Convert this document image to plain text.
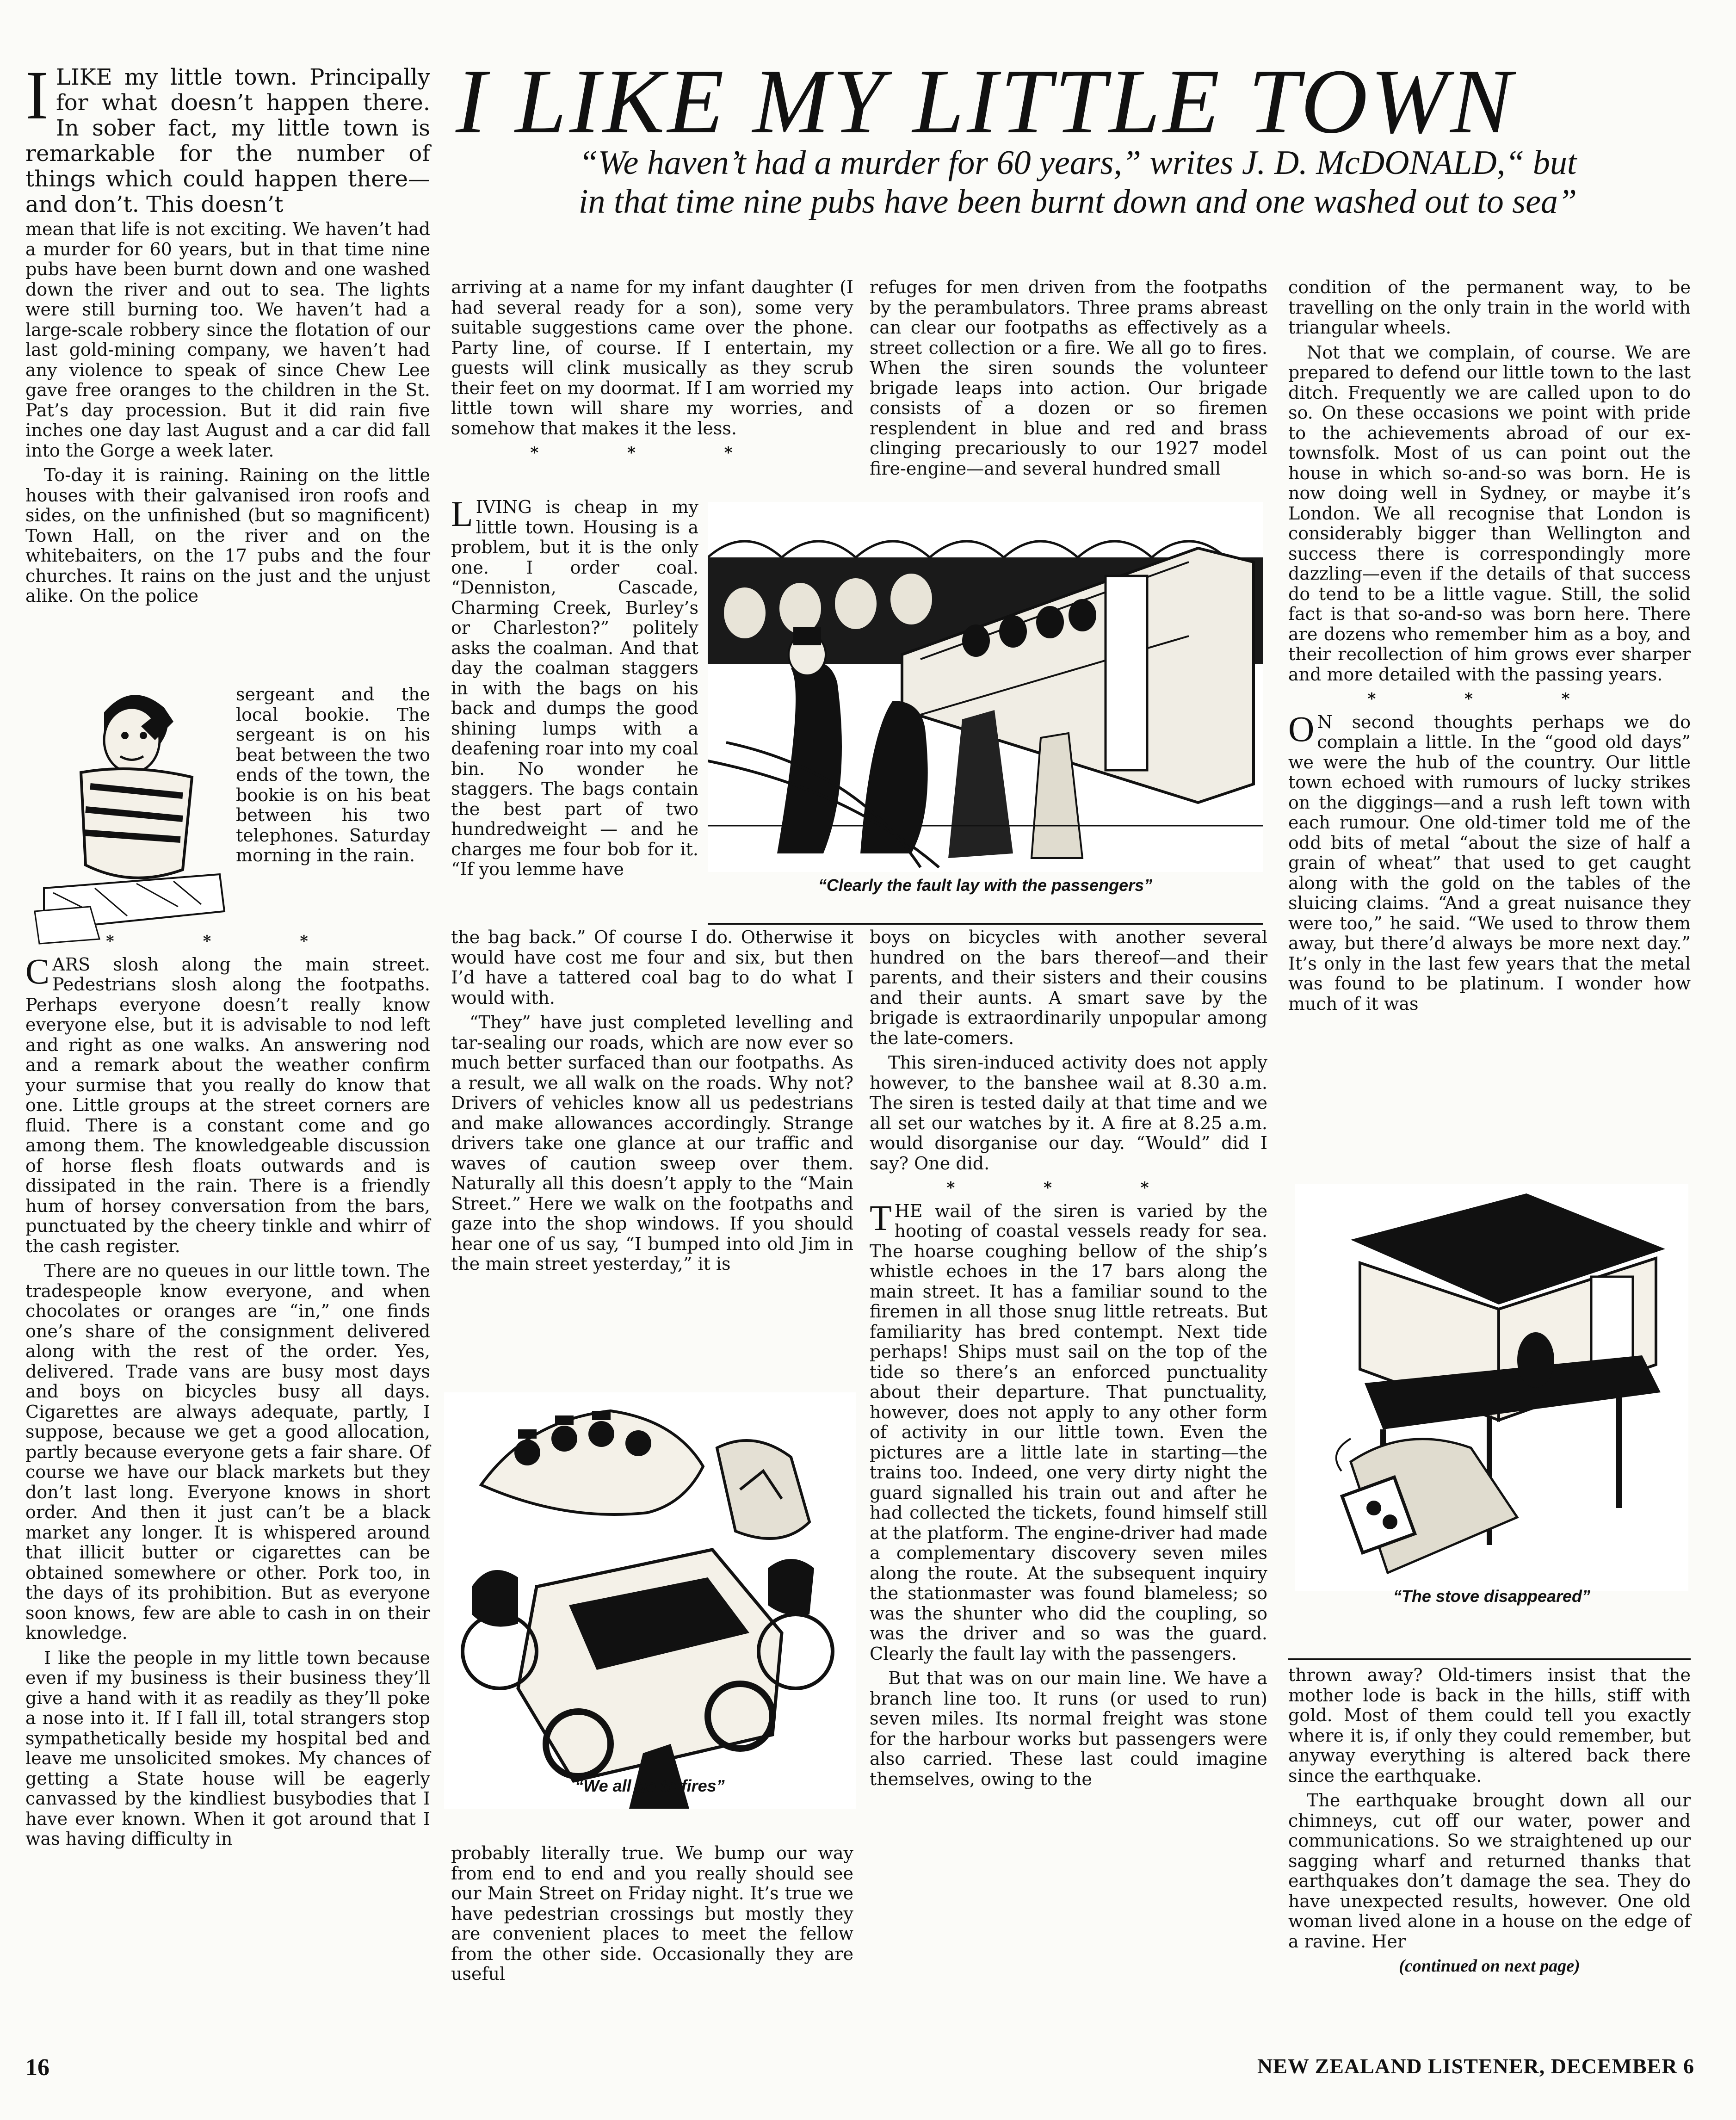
I LIKE MY LITTLE TOWN
“We haven’t had a murder for 60 years,” writes J. D. McDONALD,“ but in that time nine pubs have been burnt down and one washed out to sea”

ILIKE my little town. Principally for what doesn’t happen there. In sober fact, my little town is remarkable for the number of things which could happen there—and don’t. This doesn’t

mean that life is not exciting. We haven’t had a murder for 60 years, but in that time nine pubs have been burnt down and one washed down the river and out to sea. The lights were still burning too. We haven’t had a large-scale robbery since the flotation of our last gold-mining company, we haven’t had any violence to speak of since Chew Lee gave free oranges to the children in the St. Pat’s day procession. But it did rain five inches one day last August and a car did fall into the Gorge a week later.

To-day it is raining. Raining on the little houses with their galvanised iron roofs and sides, on the unfinished (but so magnificent) Town Hall, on the river and on the whitebaiters, on the 17 pubs and the four churches. It rains on the just and the unjust alike. On the police

sergeant and the local bookie. The sergeant is on his beat between the two ends of the town, the bookie is on his beat between his two telephones. Saturday morning in the rain.

* * *

CARS slosh along the main street. Pedestrians slosh along the footpaths. Perhaps everyone doesn’t really know everyone else, but it is advisable to nod left and right as one walks. An answering nod and a remark about the weather confirm your surmise that you really do know that one. Little groups at the street corners are fluid. There is a constant come and go among them. The knowledgeable discussion of horse flesh floats outwards and is dissipated in the rain. There is a friendly hum of horsey conversation from the bars, punctuated by the cheery tinkle and whirr of the cash register.

There are no queues in our little town. The tradespeople know everyone, and when chocolates or oranges are “in,” one finds one’s share of the consignment delivered along with the rest of the order. Yes, delivered. Trade vans are busy most days and boys on bicycles busy all days. Cigarettes are always adequate, partly, I suppose, because we get a good allocation, partly because everyone gets a fair share. Of course we have our black markets but they don’t last long. Everyone knows in short order. And then it just can’t be a black market any longer. It is whispered around that illicit butter or cigarettes can be obtained somewhere or other. Pork too, in the days of its prohibition. But as everyone soon knows, few are able to cash in on their knowledge.

I like the people in my little town because even if my business is their business they’ll give a hand with it as readily as they’ll poke a nose into it. If I fall ill, total strangers stop sympathetically beside my hospital bed and leave me unsolicited smokes. My chances of getting a State house will be eagerly canvassed by the kindliest busybodies that I have ever known. When it got around that I was having difficulty in

arriving at a name for my infant daughter (I had several ready for a son), some very suitable suggestions came over the phone. Party line, of course. If I entertain, my guests will clink musically as they scrub their feet on my doormat. If I am worried my little town will share my worries, and somehow that makes it the less.

* * *

LIVING is cheap in my little town. Housing is a problem, but it is the only one. I order coal. “Denniston, Cascade, Charming Creek, Burley’s or Charleston?” politely asks the coalman. And that day the coalman staggers in with the bags on his back and dumps the good shining lumps with a deafening roar into my coal bin. No wonder he staggers. The bags contain the best part of two hundredweight — and he charges me four bob for it. “If you lemme have

“Clearly the fault lay with the passengers”

the bag back.” Of course I do. Otherwise it would have cost me four and six, but then I’d have a tattered coal bag to do what I would with.

“They” have just completed levelling and tar-sealing our roads, which are now ever so much better surfaced than our footpaths. As a result, we all walk on the roads. Why not? Drivers of vehicles know all us pedestrians and make allowances accordingly. Strange drivers take one glance at our traffic and waves of caution sweep over them. Naturally all this doesn’t apply to the “Main Street.” Here we walk on the footpaths and gaze into the shop windows. If you should hear one of us say, “I bumped into old Jim in the main street yesterday,” it is

“We all go to fires”

probably literally true. We bump our way from end to end and you really should see our Main Street on Friday night. It’s true we have pedestrian crossings but mostly they are convenient places to meet the fellow from the other side. Occasionally they are useful

refuges for men driven from the footpaths by the perambulators. Three prams abreast can clear our footpaths as effectively as a street collection or a fire. We all go to fires. When the siren sounds the volunteer brigade leaps into action. Our brigade consists of a dozen or so firemen resplendent in blue and red and brass clinging precariously to our 1927 model fire-engine—and several hundred small

boys on bicycles with another several hundred on the bars thereof—and their parents, and their sisters and their cousins and their aunts. A smart save by the brigade is extraordinarily unpopular among the late-comers.

This siren-induced activity does not apply however, to the banshee wail at 8.30 a.m. The siren is tested daily at that time and we all set our watches by it. A fire at 8.25 a.m. would disorganise our day. “Would” did I say? One did.

* * *

THE wail of the siren is varied by the hooting of coastal vessels ready for sea. The hoarse coughing bellow of the ship’s whistle echoes in the 17 bars along the main street. It has a familiar sound to the firemen in all those snug little retreats. But familiarity has bred contempt. Next tide perhaps! Ships must sail on the top of the tide so there’s an enforced punctuality about their departure. That punctuality, however, does not apply to any other form of activity in our little town. Even the pictures are a little late in starting—the trains too. Indeed, one very dirty night the guard signalled his train out and after he had collected the tickets, found himself still at the platform. The engine-driver had made a complementary discovery seven miles along the route. At the subsequent inquiry the stationmaster was found blameless; so was the shunter who did the coupling, so was the driver and so was the guard. Clearly the fault lay with the passengers.

But that was on our main line. We have a branch line too. It runs (or used to run) seven miles. Its normal freight was stone for the harbour works but passengers were also carried. These last could imagine themselves, owing to the

condition of the permanent way, to be travelling on the only train in the world with triangular wheels.

Not that we complain, of course. We are prepared to defend our little town to the last ditch. Frequently we are called upon to do so. On these occasions we point with pride to the achievements abroad of our ex-townsfolk. Most of us can point out the house in which so-and-so was born. He is now doing well in Sydney, or maybe it’s London. We all recognise that London is considerably bigger than Wellington and success there is correspondingly more dazzling—even if the details of that success do tend to be a little vague. Still, the solid fact is that so-and-so was born here. There are dozens who remember him as a boy, and their recollection of him grows ever sharper and more detailed with the passing years.

* * *

O N second thoughts perhaps we do complain a little. In the “good old days” we were the hub of the country. Our little town echoed with rumours of lucky strikes on the diggings—and a rush left town with each rumour. One old-timer told me of the odd bits of metal “about the size of half a grain of wheat” that used to get caught along with the gold on the tables of the sluicing claims. “And a great nuisance they were too,” he said. “We used to throw them away, but there’d always be more next day.” It’s only in the last few years that the metal was found to be platinum. I wonder how much of it was

“The stove disappeared”

thrown away? Old-timers insist that the mother lode is back in the hills, stiff with gold. Most of them could tell you exactly where it is, if only they could remember, but anyway everything is altered back there since the earthquake.

The earthquake brought down all our chimneys, cut off our water, power and communications. So we straightened up our sagging wharf and returned thanks that earthquakes don’t damage the sea. They do have unexpected results, however. One old woman lived alone in a house on the edge of a ravine. Her

(continued on next page)
16	NEW ZEALAND LISTENER, DECEMBER 6
